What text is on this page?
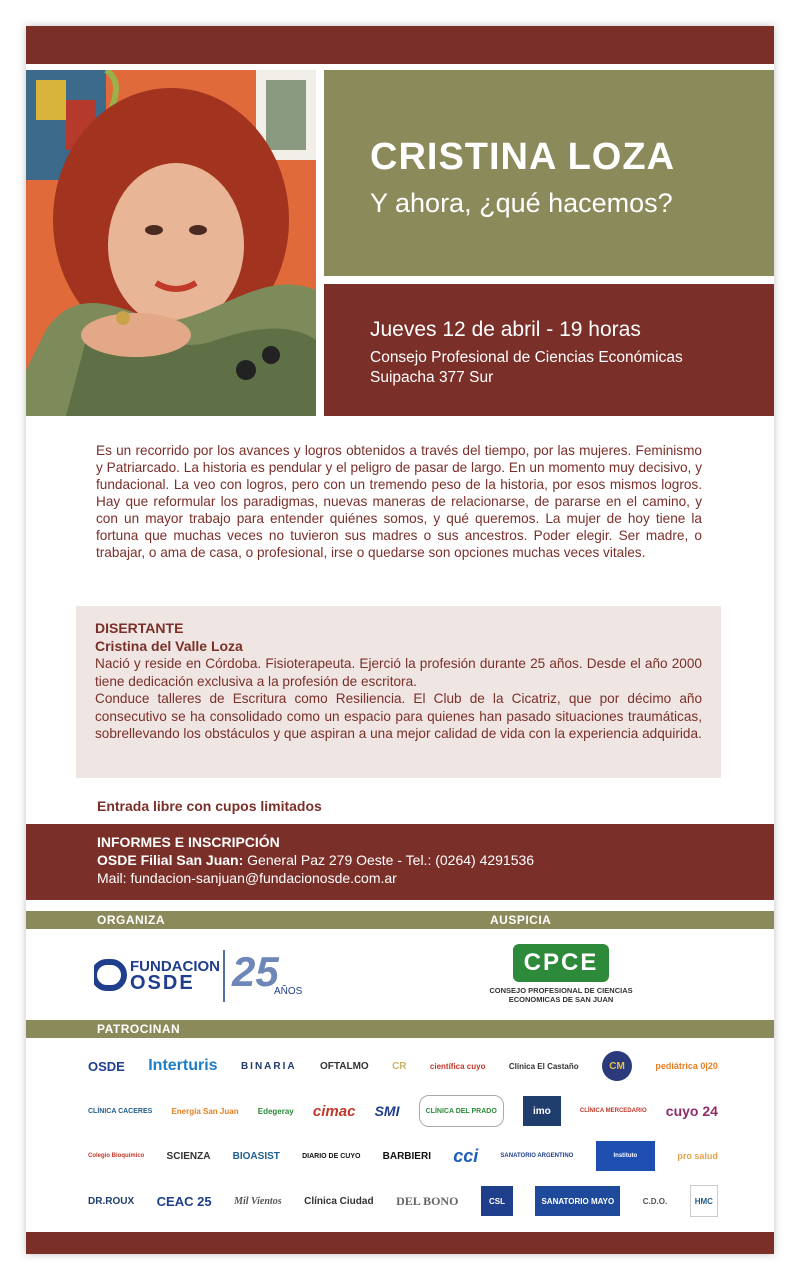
CRISTINA LOZA
Y ahora, ¿qué hacemos?
Jueves 12 de abril - 19 horas
Consejo Profesional de Ciencias Económicas
Suipacha 377 Sur
Es un recorrido por los avances y logros obtenidos a través del tiempo, por las mujeres. Feminismo y Patriarcado. La historia es pendular y el peligro de pasar de largo. En un momento muy decisivo, y fundacional. La veo con logros, pero con un tremendo peso de la historia, por esos mismos logros. Hay que reformular los paradigmas, nuevas maneras de relacionarse, de pararse en el camino, y con un mayor trabajo para entender quiénes somos, y qué queremos. La mujer de hoy tiene la fortuna que muchas veces no tuvieron sus madres o sus ancestros. Poder elegir. Ser madre, o trabajar, o ama de casa, o profesional, irse o quedarse son opciones muchas veces vitales.
DISERTANTE
Cristina del Valle Loza
Nació y reside en Córdoba. Fisioterapeuta. Ejerció la profesión durante 25 años. Desde el año 2000 tiene dedicación exclusiva a la profesión de escritora.
Conduce talleres de Escritura como Resiliencia. El Club de la Cicatriz, que por décimo año consecutivo se ha consolidado como un espacio para quienes han pasado situaciones traumáticas, sobrellevando los obstáculos y que aspiran a una mejor calidad de vida con la experiencia adquirida.
Entrada libre con cupos limitados
INFORMES E INSCRIPCIÓN
OSDE Filial San Juan: General Paz 279 Oeste - Tel.: (0264) 4291536
Mail: fundacion-sanjuan@fundacionosde.com.ar
ORGANIZA	AUSPICIA
FUNDACION
OSDE 25
AÑOS
CPCE
CONSEJO PROFESIONAL DE CIENCIAS
ECONOMICAS DE SAN JUAN
PATROCINAN
OSDE Interturis BINARIA OFTALMO CR	científica cuyo	Clínica El Castaño	CM	pediátrica 0|20
CLÍNICA CACERES Energía San Juan Edegeray cimac SMI	CLÍNICA DEL PRADO	imo	CLÍNICA MERCEDARIO cuyo 24
Colegio Bioquímico SCIENZA BIOASIST	DIARIO DE CUYO BARBIERI cci	SANATORIO ARGENTINO	Instituto	pro salud
DR.ROUX CEAC 25 Mil Vientos Clínica Ciudad DEL BONO	CSL	SANATORIO MAYO	C.D.O.	HMC
